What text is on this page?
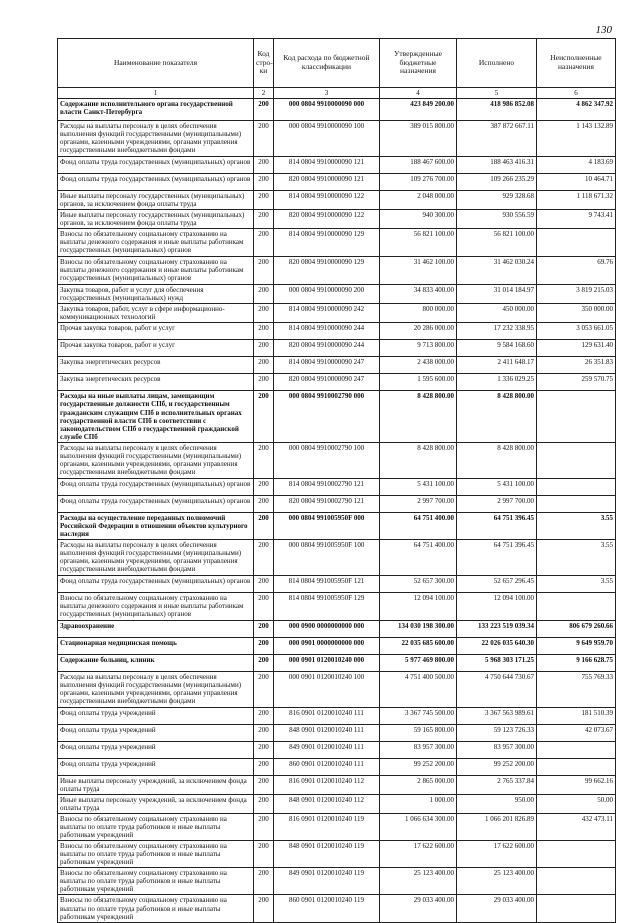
130
Наименование показателя	Код стро- ки	Код расхода по бюджетной классификации	Утвержденные бюджетные назначения	Исполнено	Неисполненные назначения
1	2	3	4	5	6
Содержание исполнительного органа государственной власти Санкт-Петербурга	200	000 0804 9910000090 000	423 849 200.00	418 986 852.08	4 862 347.92
Расходы на выплаты персоналу в целях обеспечения выполнения функций государственными (муниципальными) органами, казенными учреждениями, органами управления государственными внебюджетными фондами	200	000 0804 9910000090 100	389 015 800.00	387 872 667.11	1 143 132.89
Фонд оплаты труда государственных (муниципальных) органов	200	814 0804 9910000090 121	188 467 600.00	188 463 416.31	4 183.69
Фонд оплаты труда государственных (муниципальных) органов	200	820 0804 9910000090 121	109 276 700.00	109 266 235.29	10 464.71
Иные выплаты персоналу государственных (муниципальных) органов, за исключением фонда оплаты труда	200	814 0804 9910000090 122	2 048 000.00	929 328.68	1 118 671.32
Иные выплаты персоналу государственных (муниципальных) органов, за исключением фонда оплаты труда	200	820 0804 9910000090 122	940 300.00	930 556.59	9 743.41
Взносы по обязательному социальному страхованию на выплаты денежного содержания и иные выплаты работникам государственных (муниципальных) органов	200	814 0804 9910000090 129	56 821 100.00	56 821 100.00	
Взносы по обязательному социальному страхованию на выплаты денежного содержания и иные выплаты работникам государственных (муниципальных) органов	200	820 0804 9910000090 129	31 462 100.00	31 462 030.24	69.76
Закупка товаров, работ и услуг для обеспечения государственных (муниципальных) нужд	200	000 0804 9910000090 200	34 833 400.00	31 014 184.97	3 819 215.03
Закупка товаров, работ, услуг в сфере информационно-коммуникационных технологий	200	814 0804 9910000090 242	800 000.00	450 000.00	350 000.00
Прочая закупка товаров, работ и услуг	200	814 0804 9910000090 244	20 286 000.00	17 232 338.95	3 053 661.05
Прочая закупка товаров, работ и услуг	200	820 0804 9910000090 244	9 713 800.00	9 584 168.60	129 631.40
Закупка энергетических ресурсов	200	814 0804 9910000090 247	2 438 000.00	2 411 648.17	26 351.83
Закупка энергетических ресурсов	200	820 0804 9910000090 247	1 595 600.00	1 336 029.25	259 570.75
Расходы на иные выплаты лицам, замещающим государственные должности СПб, и государственным гражданским служащим СПб в исполнительных органах государственной власти СПб в соответствии с законодательством СПб о государственной гражданской службе СПб	200	000 0804 9910002790 000	8 428 800.00	8 428 800.00	
Расходы на выплаты персоналу в целях обеспечения выполнения функций государственными (муниципальными) органами, казенными учреждениями, органами управления государственными внебюджетными фондами	200	000 0804 9910002790 100	8 428 800.00	8 428 800.00	
Фонд оплаты труда государственных (муниципальных) органов	200	814 0804 9910002790 121	5 431 100.00	5 431 100.00	
Фонд оплаты труда государственных (муниципальных) органов	200	820 0804 9910002790 121	2 997 700.00	2 997 700.00	
Расходы на осуществление переданных полномочий Российской Федерации в отношении объектов культурного наследия	200	000 0804 991005950F 000	64 751 400.00	64 751 396.45	3.55
Расходы на выплаты персоналу в целях обеспечения выполнения функций государственными (муниципальными) органами, казенными учреждениями, органами управления государственными внебюджетными фондами	200	000 0804 991005950F 100	64 751 400.00	64 751 396.45	3.55
Фонд оплаты труда государственных (муниципальных) органов	200	814 0804 991005950F 121	52 657 300.00	52 657 296.45	3.55
Взносы по обязательному социальному страхованию на выплаты денежного содержания и иные выплаты работникам государственных (муниципальных) органов	200	814 0804 991005950F 129	12 094 100.00	12 094 100.00	
Здравоохранение	200	000 0900 0000000000 000	134 030 198 300.00	133 223 519 039.34	806 679 260.66
Стационарная медицинская помощь	200	000 0901 0000000000 000	22 035 685 600.00	22 026 035 640.30	9 649 959.70
Содержание больниц, клиник	200	000 0901 0120010240 000	5 977 469 800.00	5 968 303 171.25	9 166 628.75
Расходы на выплаты персоналу в целях обеспечения выполнения функций государственными (муниципальными) органами, казенными учреждениями, органами управления государственными внебюджетными фондами	200	000 0901 0120010240 100	4 751 400 500.00	4 750 644 730.67	755 769.33
Фонд оплаты труда учреждений	200	816 0901 0120010240 111	3 367 745 500.00	3 367 563 989.61	181 510.39
Фонд оплаты труда учреждений	200	848 0901 0120010240 111	59 165 800.00	59 123 726.33	42 073.67
Фонд оплаты труда учреждений	200	849 0901 0120010240 111	83 957 300.00	83 957 300.00	
Фонд оплаты труда учреждений	200	860 0901 0120010240 111	99 252 200.00	99 252 200.00	
Иные выплаты персоналу учреждений, за исключением фонда оплаты труда	200	816 0901 0120010240 112	2 865 000.00	2 765 337.84	99 662.16
Иные выплаты персоналу учреждений, за исключением фонда оплаты труда	200	848 0901 0120010240 112	1 000.00	950.00	50.00
Взносы по обязательному социальному страхованию на выплаты по оплате труда работников и иные выплаты работникам учреждений	200	816 0901 0120010240 119	1 066 634 300.00	1 066 201 826.89	432 473.11
Взносы по обязательному социальному страхованию на выплаты по оплате труда работников и иные выплаты работникам учреждений	200	848 0901 0120010240 119	17 622 600.00	17 622 600.00	
Взносы по обязательному социальному страхованию на выплаты по оплате труда работников и иные выплаты работникам учреждений	200	849 0901 0120010240 119	25 123 400.00	25 123 400.00	
Взносы по обязательному социальному страхованию на выплаты по оплате труда работников и иные выплаты работникам учреждений	200	860 0901 0120010240 119	29 033 400.00	29 033 400.00	
